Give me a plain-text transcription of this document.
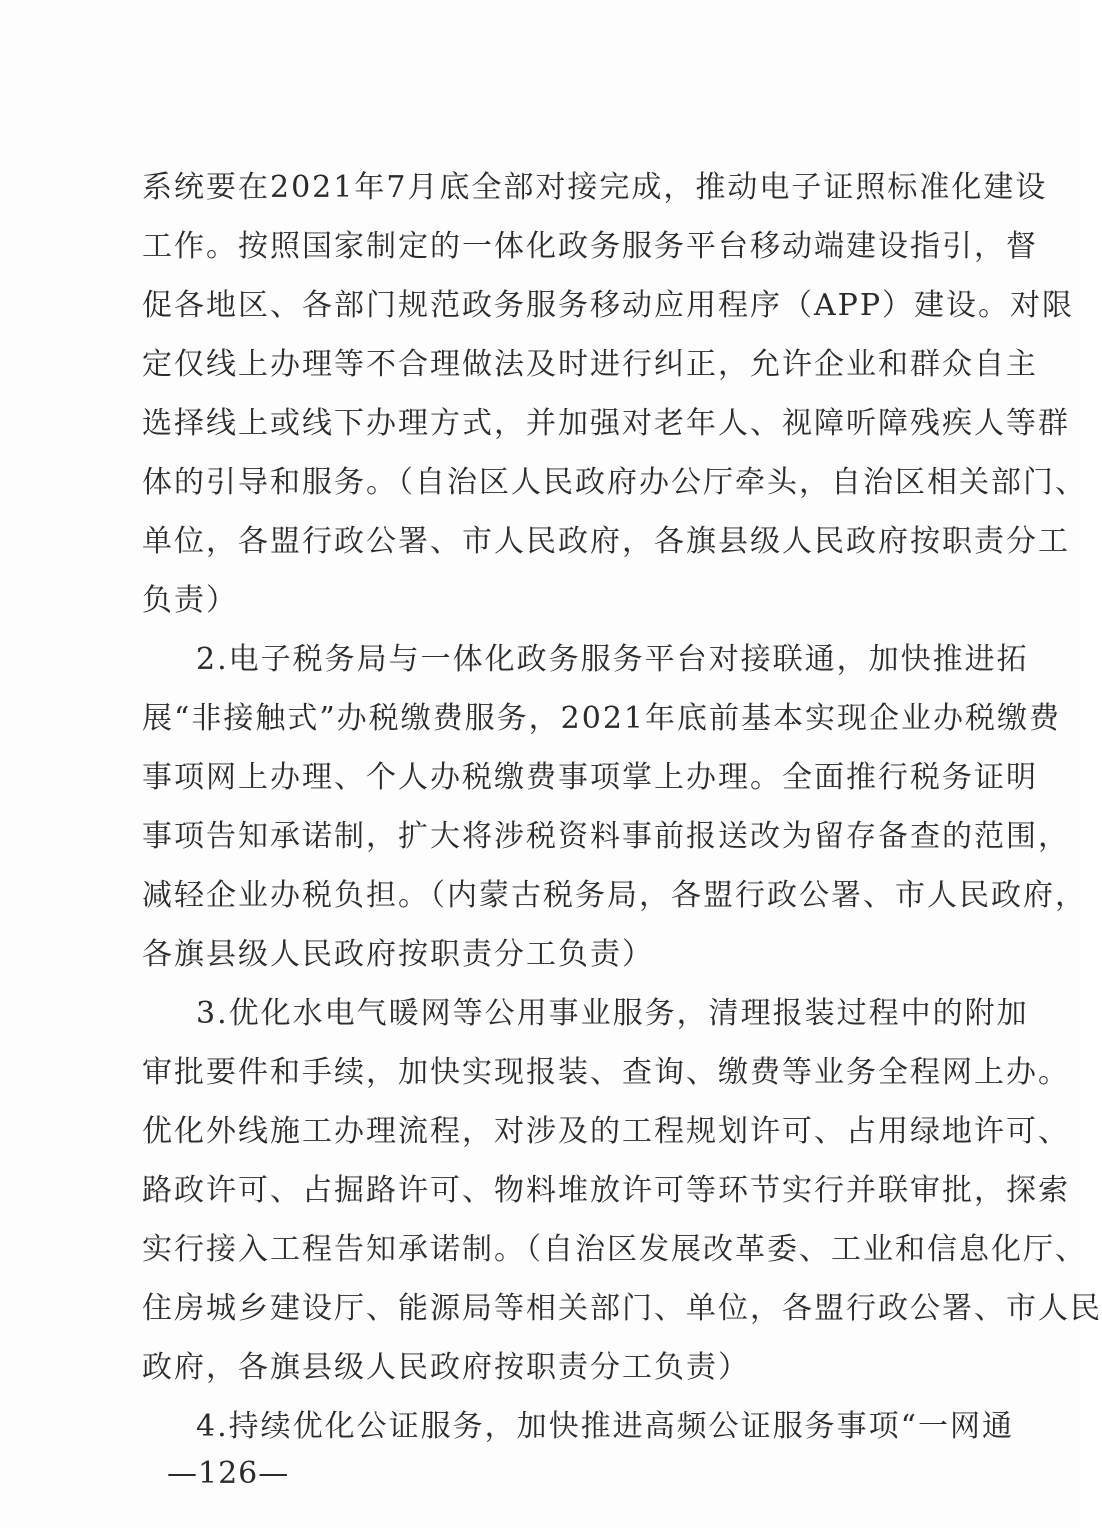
系统要在2021年7月底全部对接完成，推动电子证照标准化建设
工作。按照国家制定的一体化政务服务平台移动端建设指引，督
促各地区、各部门规范政务服务移动应用程序（APP）建设。对限
定仅线上办理等不合理做法及时进行纠正，允许企业和群众自主
选择线上或线下办理方式，并加强对老年人、视障听障残疾人等群
体的引导和服务。（自治区人民政府办公厅牵头，自治区相关部门、
单位，各盟行政公署、市人民政府，各旗县级人民政府按职责分工
负责）
2.电子税务局与一体化政务服务平台对接联通，加快推进拓
展“非接触式”办税缴费服务，2021年底前基本实现企业办税缴费
事项网上办理、个人办税缴费事项掌上办理。全面推行税务证明
事项告知承诺制，扩大将涉税资料事前报送改为留存备查的范围，
减轻企业办税负担。（内蒙古税务局，各盟行政公署、市人民政府，
各旗县级人民政府按职责分工负责）
3.优化水电气暖网等公用事业服务，清理报装过程中的附加
审批要件和手续，加快实现报装、查询、缴费等业务全程网上办。
优化外线施工办理流程，对涉及的工程规划许可、占用绿地许可、
路政许可、占掘路许可、物料堆放许可等环节实行并联审批，探索
实行接入工程告知承诺制。（自治区发展改革委、工业和信息化厅、
住房城乡建设厅、能源局等相关部门、单位，各盟行政公署、市人民
政府，各旗县级人民政府按职责分工负责）
4.持续优化公证服务，加快推进高频公证服务事项“一网通
—126—
